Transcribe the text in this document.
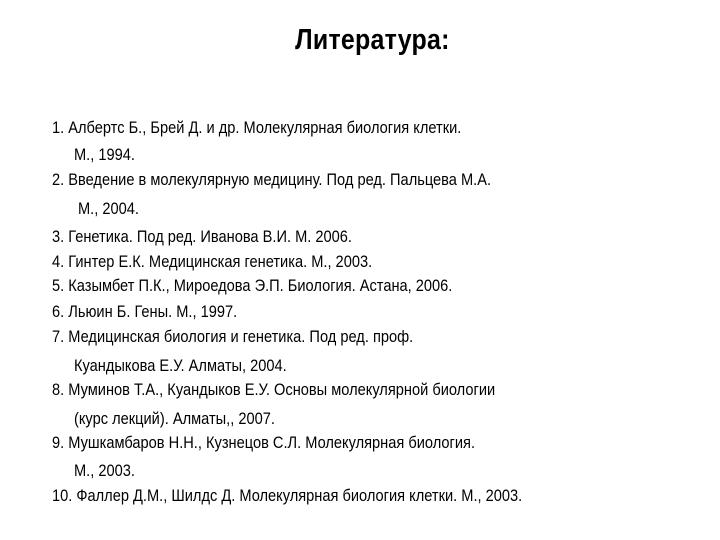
Литература:
1. Албертс Б., Брей Д. и др. Молекулярная биология клетки.
М., 1994.
2. Введение в молекулярную медицину. Под ред. Пальцева М.А.
М., 2004.
3. Генетика. Под ред. Иванова В.И. М. 2006.
4. Гинтер Е.К. Медицинская генетика. М., 2003.
5. Казымбет П.К., Мироедова Э.П. Биология. Астана, 2006.
6. Льюин Б. Гены. М., 1997.
7. Медицинская биология и генетика. Под ред. проф.
Куандыкова Е.У. Алматы, 2004.
8. Муминов Т.А., Куандыков Е.У. Основы молекулярной биологии
(курс лекций). Алматы,, 2007.
9. Мушкамбаров Н.Н., Кузнецов С.Л. Молекулярная биология.
М., 2003.
10. Фаллер Д.М., Шилдс Д. Молекулярная биология клетки. М., 2003.
